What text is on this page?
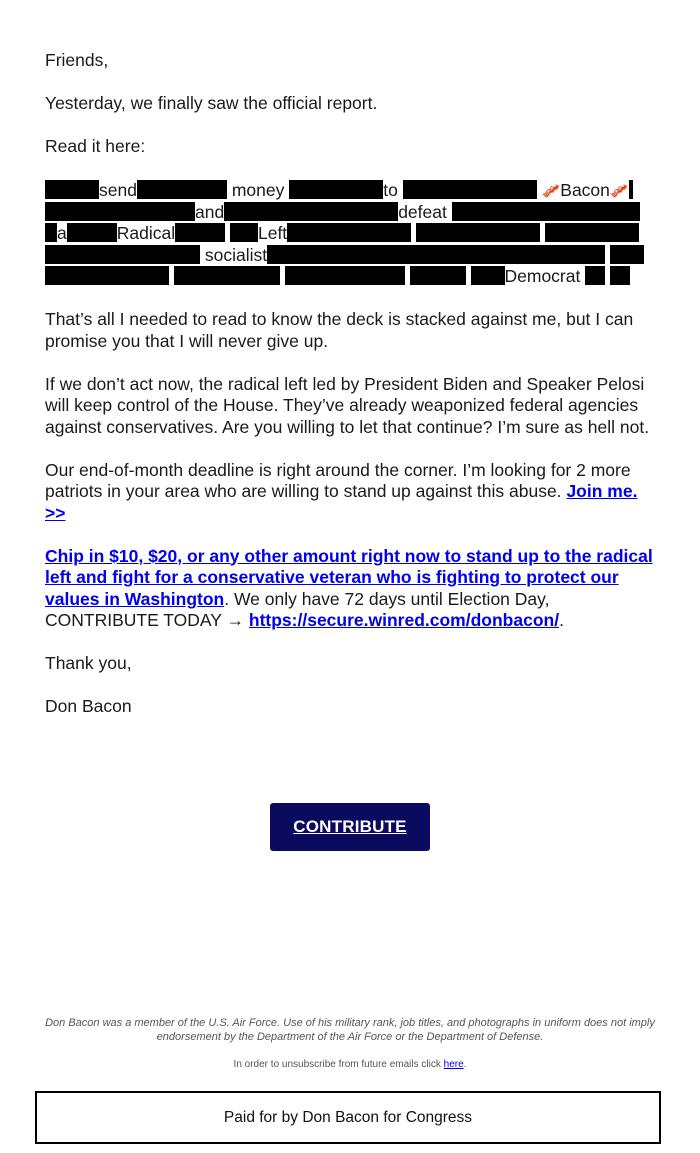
Friends,

Yesterday, we finally saw the official report.

Read it here:

send	money	to	🥓Bacon🥓
and	defeat
a	Radical	Left
socialist
Democrat

That’s all I needed to read to know the deck is stacked against me, but I can promise you that I will never give up.

If we don’t act now, the radical left led by President Biden and Speaker Pelosi will keep control of the House. They’ve already weaponized federal agencies against conservatives. Are you willing to let that continue? I’m sure as hell not.

Our end-of-month deadline is right around the corner. I’m looking for 2 more patriots in your area who are willing to stand up against this abuse. Join me. >>

Chip in $10, $20, or any other amount right now to stand up to the radical left and fight for a conservative veteran who is fighting to protect our values in Washington. We only have 72 days until Election Day, CONTRIBUTE TODAY → https://secure.winred.com/donbacon/.

Thank you,

Don Bacon

CONTRIBUTE
Don Bacon was a member of the U.S. Air Force. Use of his military rank, job titles, and photographs in uniform does not imply endorsement by the Department of the Air Force or the Department of Defense.
In order to unsubscribe from future emails click here.
Paid for by Don Bacon for Congress
